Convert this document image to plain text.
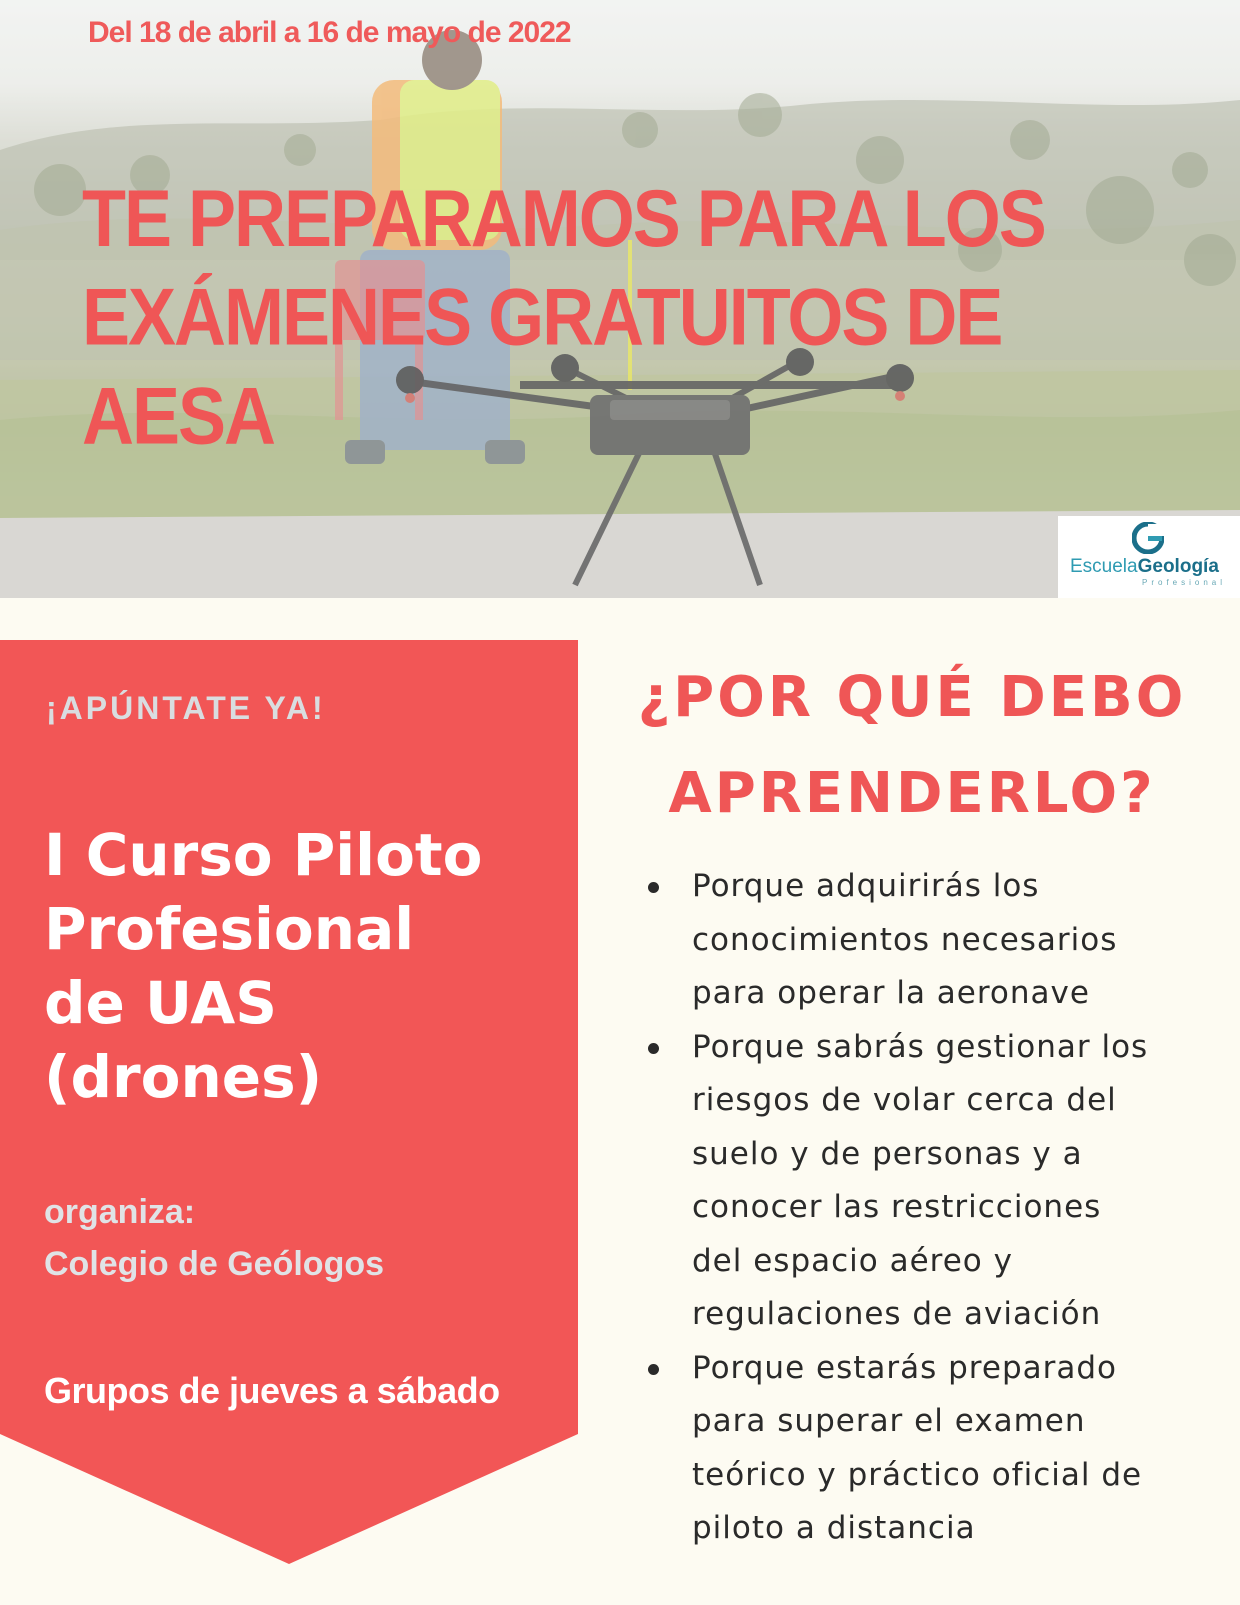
Del 18 de abril a 16 de mayo de 2022
TE PREPARAMOS PARA LOS
EXÁMENES GRATUITOS DE AESA
EscuelaGeología
Profesional
¡APÚNTATE YA!
I Curso Piloto
Profesional
de UAS
(drones)
organiza:
Colegio de Geólogos
Grupos de jueves a sábado
¿POR QUÉ DEBO
APRENDERLO?
Porque adquirirás los
conocimientos necesarios
para operar la aeronave
Porque sabrás gestionar los
riesgos de volar cerca del
suelo y de personas y a
conocer las restricciones
del espacio aéreo y
regulaciones de aviación
Porque estarás preparado
para superar el examen
teórico y práctico oficial de
piloto a distancia
